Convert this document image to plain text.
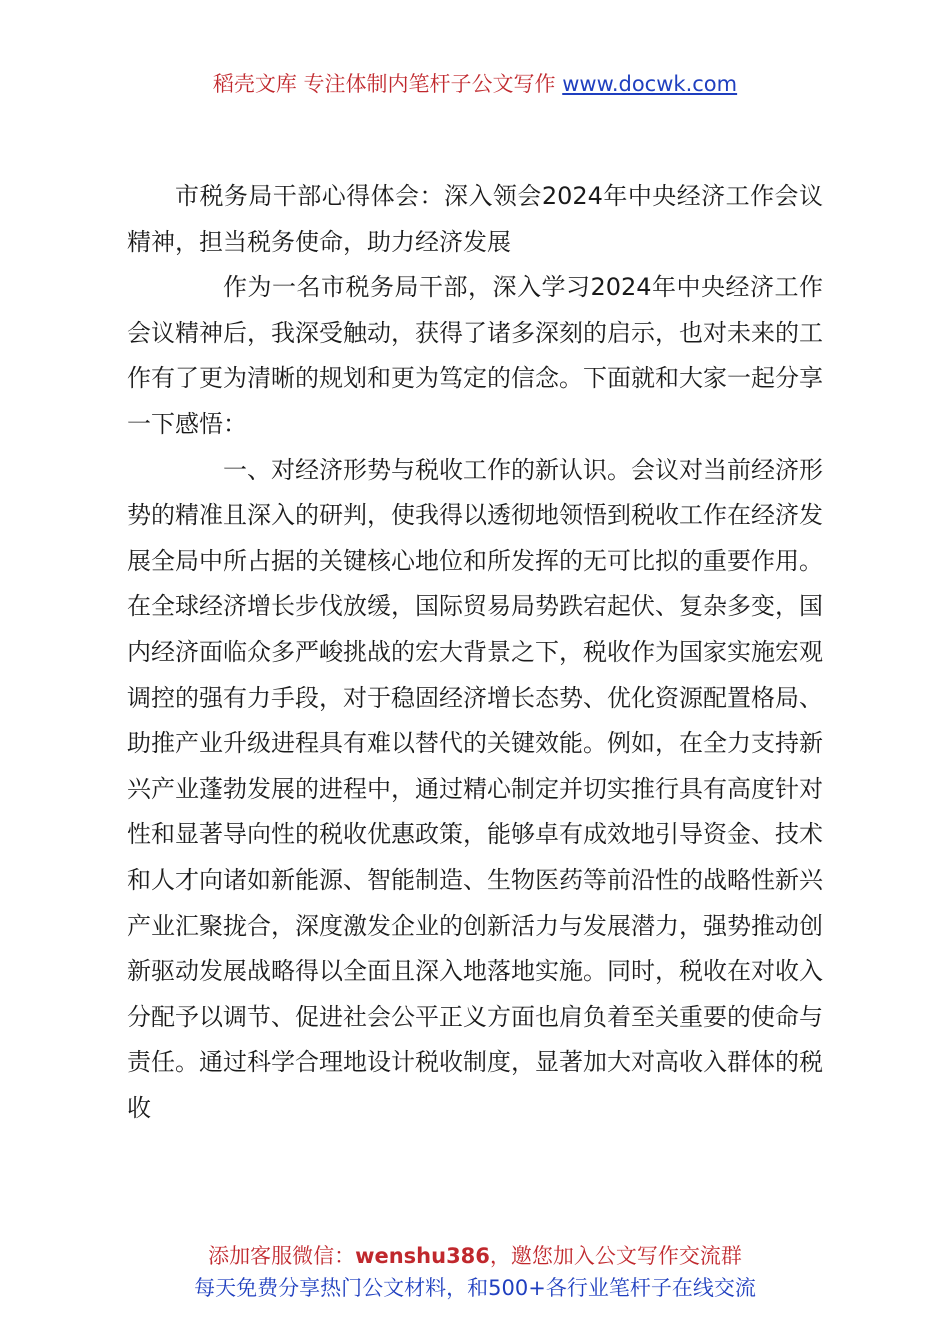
稻壳文库 专注体制内笔杆子公文写作 www.docwk.com

市税务局干部心得体会：深入领会2024年中央经济工作会议精神，担当税务使命，助力经济发展

作为一名市税务局干部，深入学习2024年中央经济工作会议精神后，我深受触动，获得了诸多深刻的启示，也对未来的工作有了更为清晰的规划和更为笃定的信念。下面就和大家一起分享一下感悟：

一、对经济形势与税收工作的新认识。会议对当前经济形势的精准且深入的研判，使我得以透彻地领悟到税收工作在经济发展全局中所占据的关键核心地位和所发挥的无可比拟的重要作用。在全球经济增长步伐放缓，国际贸易局势跌宕起伏、复杂多变，国内经济面临众多严峻挑战的宏大背景之下，税收作为国家实施宏观调控的强有力手段，对于稳固经济增长态势、优化资源配置格局、助推产业升级进程具有难以替代的关键效能。例如，在全力支持新兴产业蓬勃发展的进程中，通过精心制定并切实推行具有高度针对性和显著导向性的税收优惠政策，能够卓有成效地引导资金、技术和人才向诸如新能源、智能制造、生物医药等前沿性的战略性新兴产业汇聚拢合，深度激发企业的创新活力与发展潜力，强势推动创新驱动发展战略得以全面且深入地落地实施。同时，税收在对收入分配予以调节、促进社会公平正义方面也肩负着至关重要的使命与责任。通过科学合理地设计税收制度，显著加大对高收入群体的税收

添加客服微信：wenshu386，邀您加入公文写作交流群
每天免费分享热门公文材料，和500+各行业笔杆子在线交流
